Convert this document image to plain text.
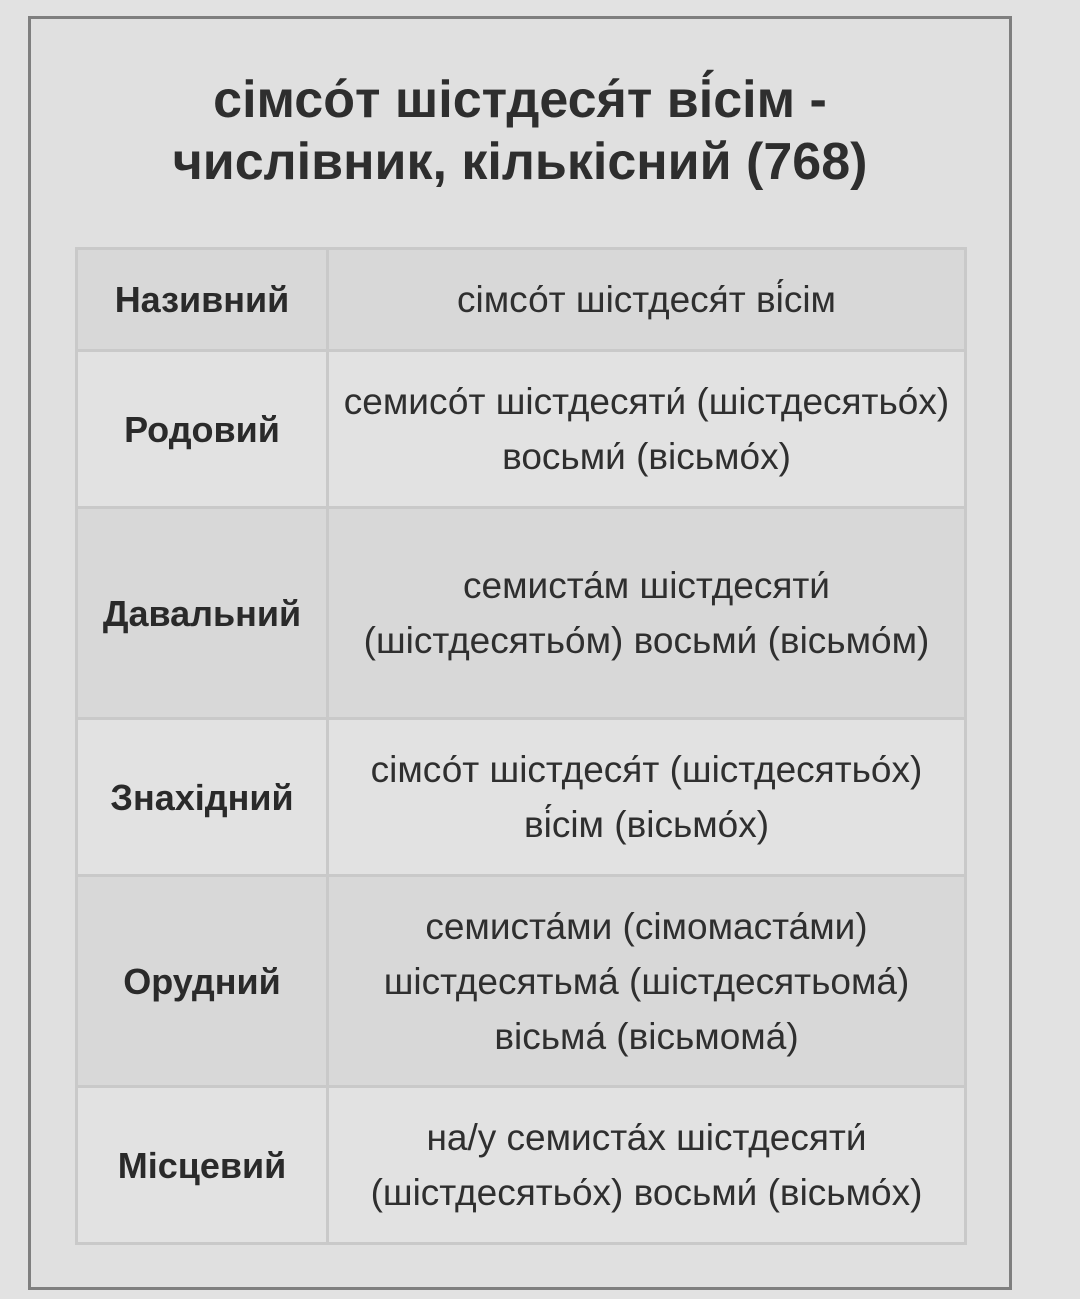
сімсо́т шістдеся́т ві́сім -
числівник, кількісний (768)
Називний	сімсо́т шістдеся́т ві́сім
Родовий	семисо́т шістдесяти́ (шістдесятьо́х) восьми́ (вісьмо́х)
Давальний	семиста́м шістдесяти́ (шістдесятьо́м) восьми́ (вісьмо́м)
Знахідний	сімсо́т шістдеся́т (шістдесятьо́х) ві́сім (вісьмо́х)
Орудний	семиста́ми (сімомаста́ми) шістдесятьма́ (шістдесятьома́) вісьма́ (вісьмома́)
Місцевий	на/у семиста́х шістдесяти́ (шістдесятьо́х) восьми́ (вісьмо́х)
